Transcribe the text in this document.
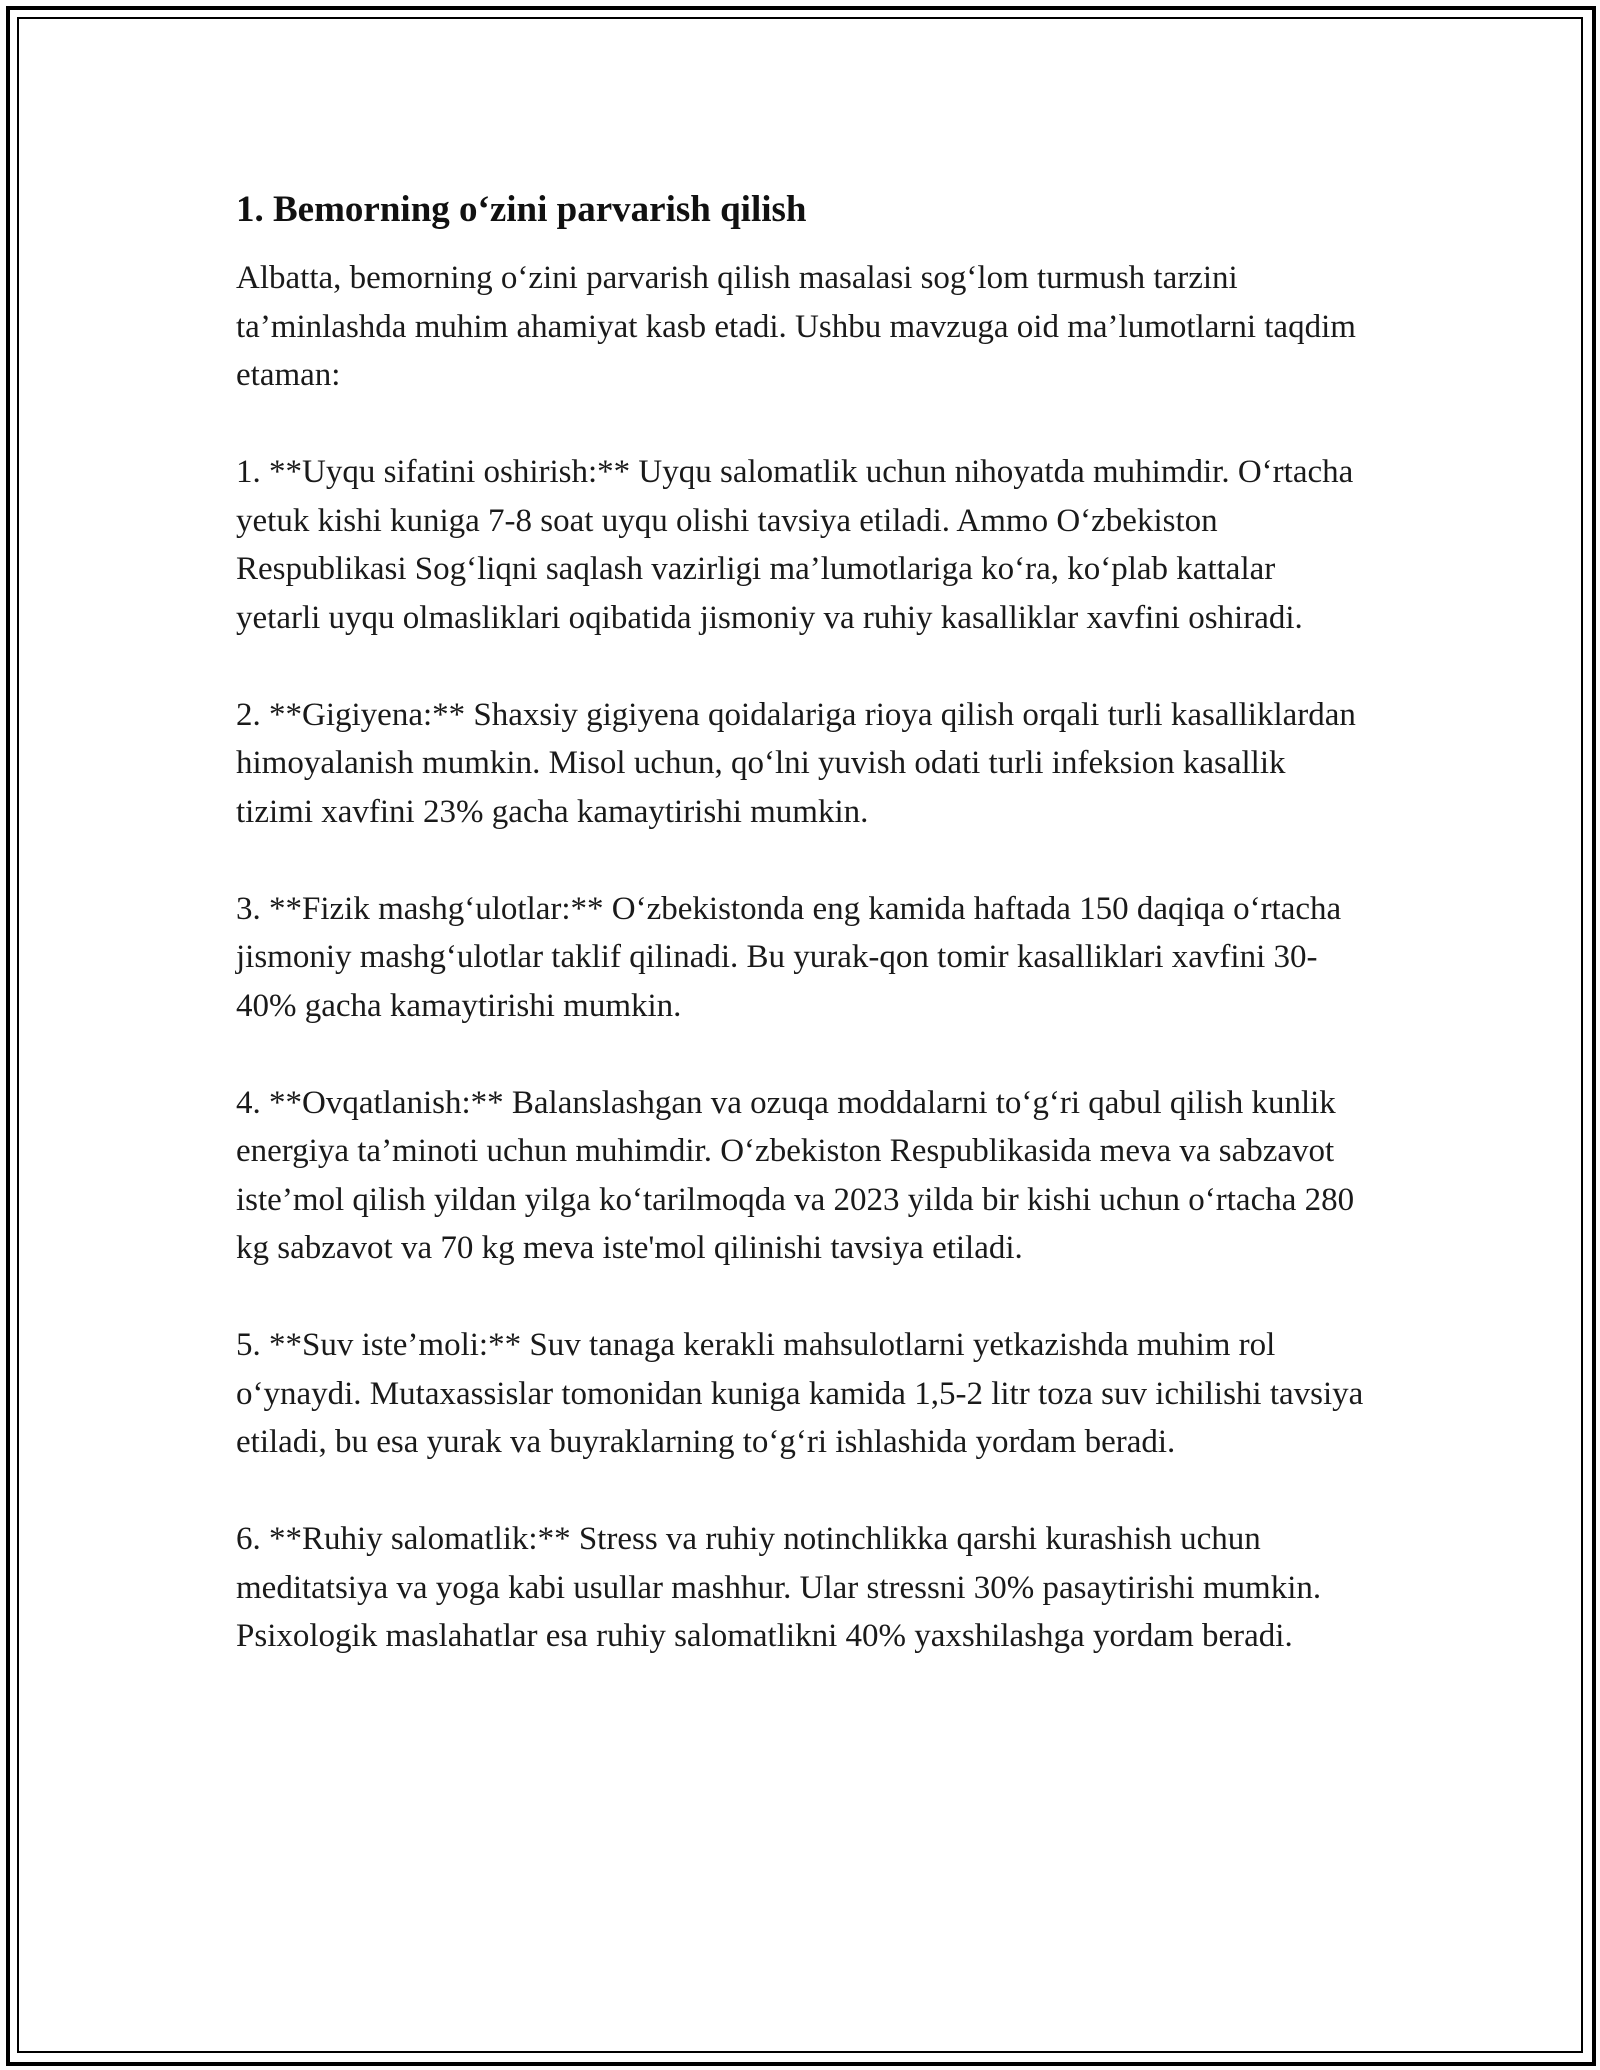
1. Bemorning o‘zini parvarish qilish

Albatta, bemorning o‘zini parvarish qilish masalasi sog‘lom turmush tarzini ta’minlashda muhim ahamiyat kasb etadi. Ushbu mavzuga oid ma’lumotlarni taqdim etaman:

1. **Uyqu sifatini oshirish:** Uyqu salomatlik uchun nihoyatda muhimdir. O‘rtacha yetuk kishi kuniga 7-8 soat uyqu olishi tavsiya etiladi. Ammo O‘zbekiston Respublikasi Sog‘liqni saqlash vazirligi ma’lumotlariga ko‘ra, ko‘plab kattalar yetarli uyqu olmasliklari oqibatida jismoniy va ruhiy kasalliklar xavfini oshiradi.

2. **Gigiyena:** Shaxsiy gigiyena qoidalariga rioya qilish orqali turli kasalliklardan himoyalanish mumkin. Misol uchun, qo‘lni yuvish odati turli infeksion kasallik tizimi xavfini 23% gacha kamaytirishi mumkin.

3. **Fizik mashg‘ulotlar:** O‘zbekistonda eng kamida haftada 150 daqiqa o‘rtacha jismoniy mashg‘ulotlar taklif qilinadi. Bu yurak-qon tomir kasalliklari xavfini 30-40% gacha kamaytirishi mumkin.

4. **Ovqatlanish:** Balanslashgan va ozuqa moddalarni to‘g‘ri qabul qilish kunlik energiya ta’minoti uchun muhimdir. O‘zbekiston Respublikasida meva va sabzavot iste’mol qilish yildan yilga ko‘tarilmoqda va 2023 yilda bir kishi uchun o‘rtacha 280 kg sabzavot va 70 kg meva iste'mol qilinishi tavsiya etiladi.

5. **Suv iste’moli:** Suv tanaga kerakli mahsulotlarni yetkazishda muhim rol o‘ynaydi. Mutaxassislar tomonidan kuniga kamida 1,5-2 litr toza suv ichilishi tavsiya etiladi, bu esa yurak va buyraklarning to‘g‘ri ishlashida yordam beradi.

6. **Ruhiy salomatlik:** Stress va ruhiy notinchlikka qarshi kurashish uchun meditatsiya va yoga kabi usullar mashhur. Ular stressni 30% pasaytirishi mumkin. Psixologik maslahatlar esa ruhiy salomatlikni 40% yaxshilashga yordam beradi.
